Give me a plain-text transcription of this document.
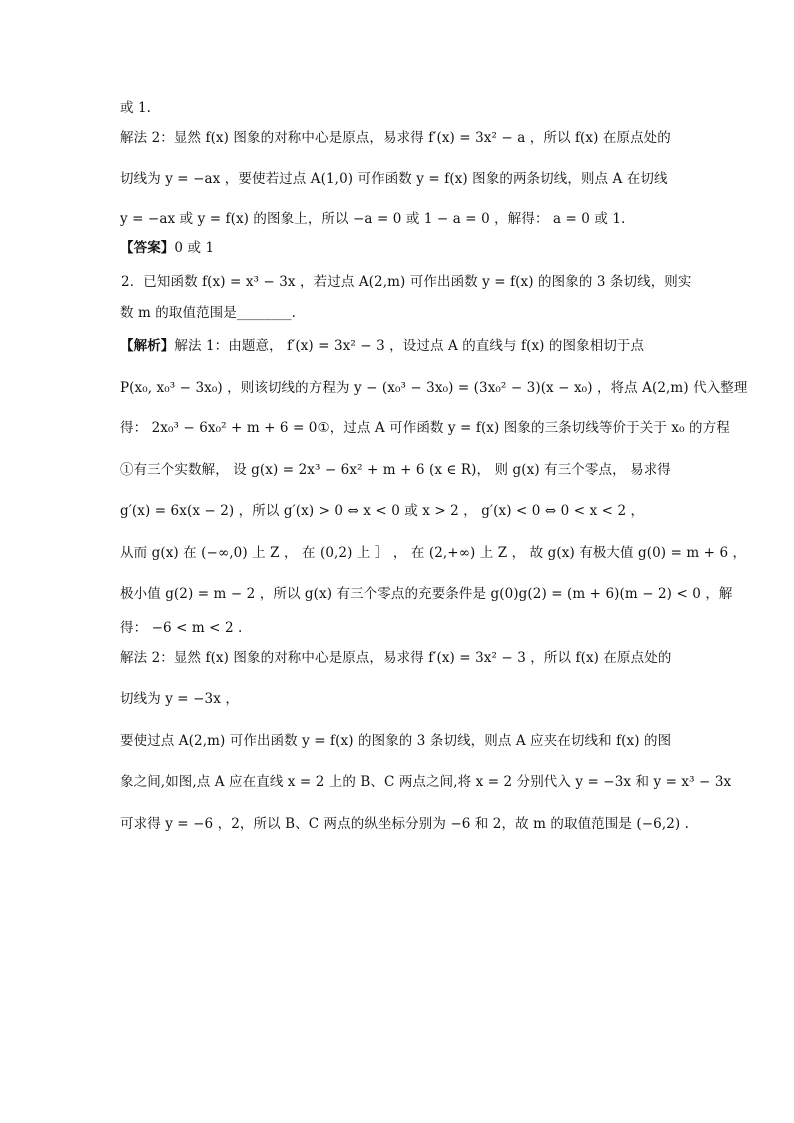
或 1.
解法 2：显然 f(x) 图象的对称中心是原点，易求得 f′(x) = 3x² − a ，所以 f(x) 在原点处的
切线为 y = −ax ，要使若过点 A(1,0) 可作函数 y = f(x) 图象的两条切线，则点 A 在切线
y = −ax 或 y = f(x) 的图象上，所以 −a = 0 或 1 − a = 0 ，解得： a = 0 或 1.
【答案】0 或 1
2．已知函数 f(x) = x³ − 3x ，若过点 A(2,m) 可作出函数 y = f(x) 的图象的 3 条切线，则实
数 m 的取值范围是________.
【解析】解法 1：由题意， f′(x) = 3x² − 3 ，设过点 A 的直线与 f(x) 的图象相切于点
P(x₀, x₀³ − 3x₀) ，则该切线的方程为 y − (x₀³ − 3x₀) = (3x₀² − 3)(x − x₀) ，将点 A(2,m) 代入整理
得： 2x₀³ − 6x₀² + m + 6 = 0①，过点 A 可作函数 y = f(x) 图象的三条切线等价于关于 x₀ 的方程
①有三个实数解， 设 g(x) = 2x³ − 6x² + m + 6 (x ∈ R)， 则 g(x) 有三个零点， 易求得
g′(x) = 6x(x − 2) ，所以 g′(x) > 0 ⇔ x < 0 或 x > 2 ， g′(x) < 0 ⇔ 0 < x < 2 ，
从而 g(x) 在 (−∞,0) 上 Z ， 在 (0,2) 上 ］ ， 在 (2,+∞) 上 Z ， 故 g(x) 有极大值 g(0) = m + 6 ，
极小值 g(2) = m − 2 ，所以 g(x) 有三个零点的充要条件是 g(0)g(2) = (m + 6)(m − 2) < 0 ，解
得： −6 < m < 2 .
解法 2：显然 f(x) 图象的对称中心是原点，易求得 f′(x) = 3x² − 3 ，所以 f(x) 在原点处的
切线为 y = −3x ，
要使过点 A(2,m) 可作出函数 y = f(x) 的图象的 3 条切线，则点 A 应夹在切线和 f(x) 的图
象之间,如图,点 A 应在直线 x = 2 上的 B、C 两点之间,将 x = 2 分别代入 y = −3x 和 y = x³ − 3x
可求得 y = −6 ，2，所以 B、C 两点的纵坐标分别为 −6 和 2，故 m 的取值范围是 (−6,2) .
